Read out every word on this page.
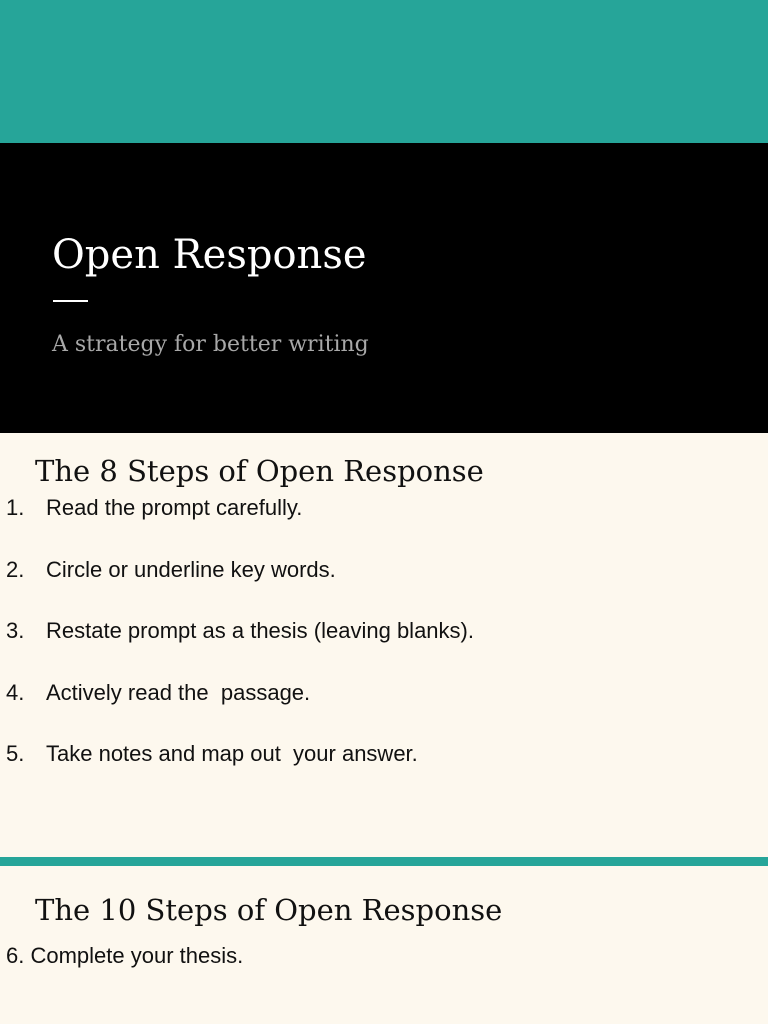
Open Response

A strategy for better writing

The 8 Steps of Open Response
1. Read the prompt carefully.
2. Circle or underline key words.
3. Restate prompt as a thesis (leaving blanks).
4. Actively read the  passage.
5. Take notes and map out  your answer.
The 10 Steps of Open Response

6. Complete your thesis.
